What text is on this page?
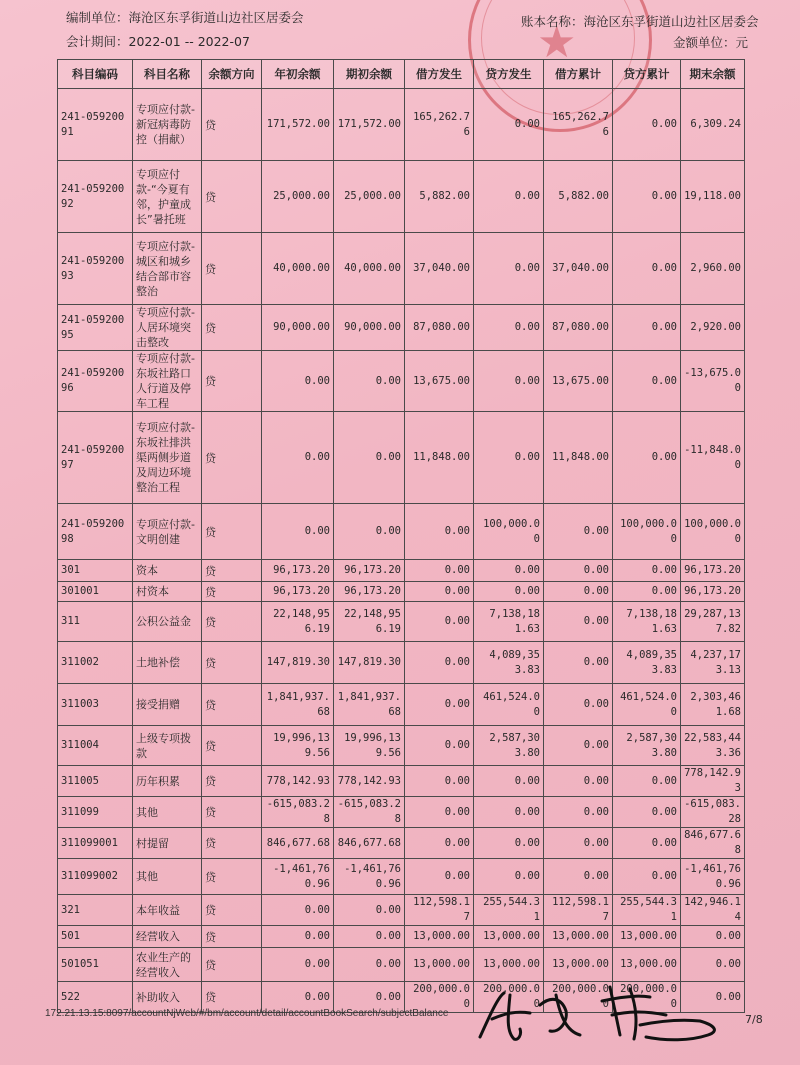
★
编制单位：海沧区东孚街道山边社区居委会
会计期间：2022-01 -- 2022-07
账本名称：海沧区东孚街道山边社区居委会
金额单位：元
科目编码	科目名称	余额方向	年初余额	期初余额	借方发生	贷方发生	借方累计	贷方累计	期末余额
241-05920091	专项应付款-新冠病毒防控（捐献）	贷	171,572.00	171,572.00	165,262.76	0.00	165,262.76	0.00	6,309.24
241-05920092	专项应付款-“今夏有邻，护童成长”暑托班	贷	25,000.00	25,000.00	5,882.00	0.00	5,882.00	0.00	19,118.00
241-05920093	专项应付款-城区和城乡结合部市容整治	贷	40,000.00	40,000.00	37,040.00	0.00	37,040.00	0.00	2,960.00
241-05920095	专项应付款-人居环境突击整改	贷	90,000.00	90,000.00	87,080.00	0.00	87,080.00	0.00	2,920.00
241-05920096	专项应付款-东坂社路口人行道及停车工程	贷	0.00	0.00	13,675.00	0.00	13,675.00	0.00	-13,675.00
241-05920097	专项应付款-东坂社排洪渠两侧步道及周边环境整治工程	贷	0.00	0.00	11,848.00	0.00	11,848.00	0.00	-11,848.00
241-05920098	专项应付款-文明创建	贷	0.00	0.00	0.00	100,000.00	0.00	100,000.00	100,000.00
301	资本	贷	96,173.20	96,173.20	0.00	0.00	0.00	0.00	96,173.20
301001	村资本	贷	96,173.20	96,173.20	0.00	0.00	0.00	0.00	96,173.20
311	公积公益金	贷	22,148,956.19	22,148,956.19	0.00	7,138,181.63	0.00	7,138,181.63	29,287,137.82
311002	土地补偿	贷	147,819.30	147,819.30	0.00	4,089,353.83	0.00	4,089,353.83	4,237,173.13
311003	接受捐赠	贷	1,841,937.68	1,841,937.68	0.00	461,524.00	0.00	461,524.00	2,303,461.68
311004	上级专项拨款	贷	19,996,139.56	19,996,139.56	0.00	2,587,303.80	0.00	2,587,303.80	22,583,443.36
311005	历年积累	贷	778,142.93	778,142.93	0.00	0.00	0.00	0.00	778,142.93
311099	其他	贷	-615,083.28	-615,083.28	0.00	0.00	0.00	0.00	-615,083.28
311099001	村提留	贷	846,677.68	846,677.68	0.00	0.00	0.00	0.00	846,677.68
311099002	其他	贷	-1,461,760.96	-1,461,760.96	0.00	0.00	0.00	0.00	-1,461,760.96
321	本年收益	贷	0.00	0.00	112,598.17	255,544.31	112,598.17	255,544.31	142,946.14
501	经营收入	贷	0.00	0.00	13,000.00	13,000.00	13,000.00	13,000.00	0.00
501051	农业生产的经营收入	贷	0.00	0.00	13,000.00	13,000.00	13,000.00	13,000.00	0.00
522	补助收入	贷	0.00	0.00	200,000.00	200,000.00	200,000.00	200,000.00	0.00
172.21.13.15:8097/accountNjWeb/#/bm/account/detail/accountBookSearch/subjectBalance	7/8
